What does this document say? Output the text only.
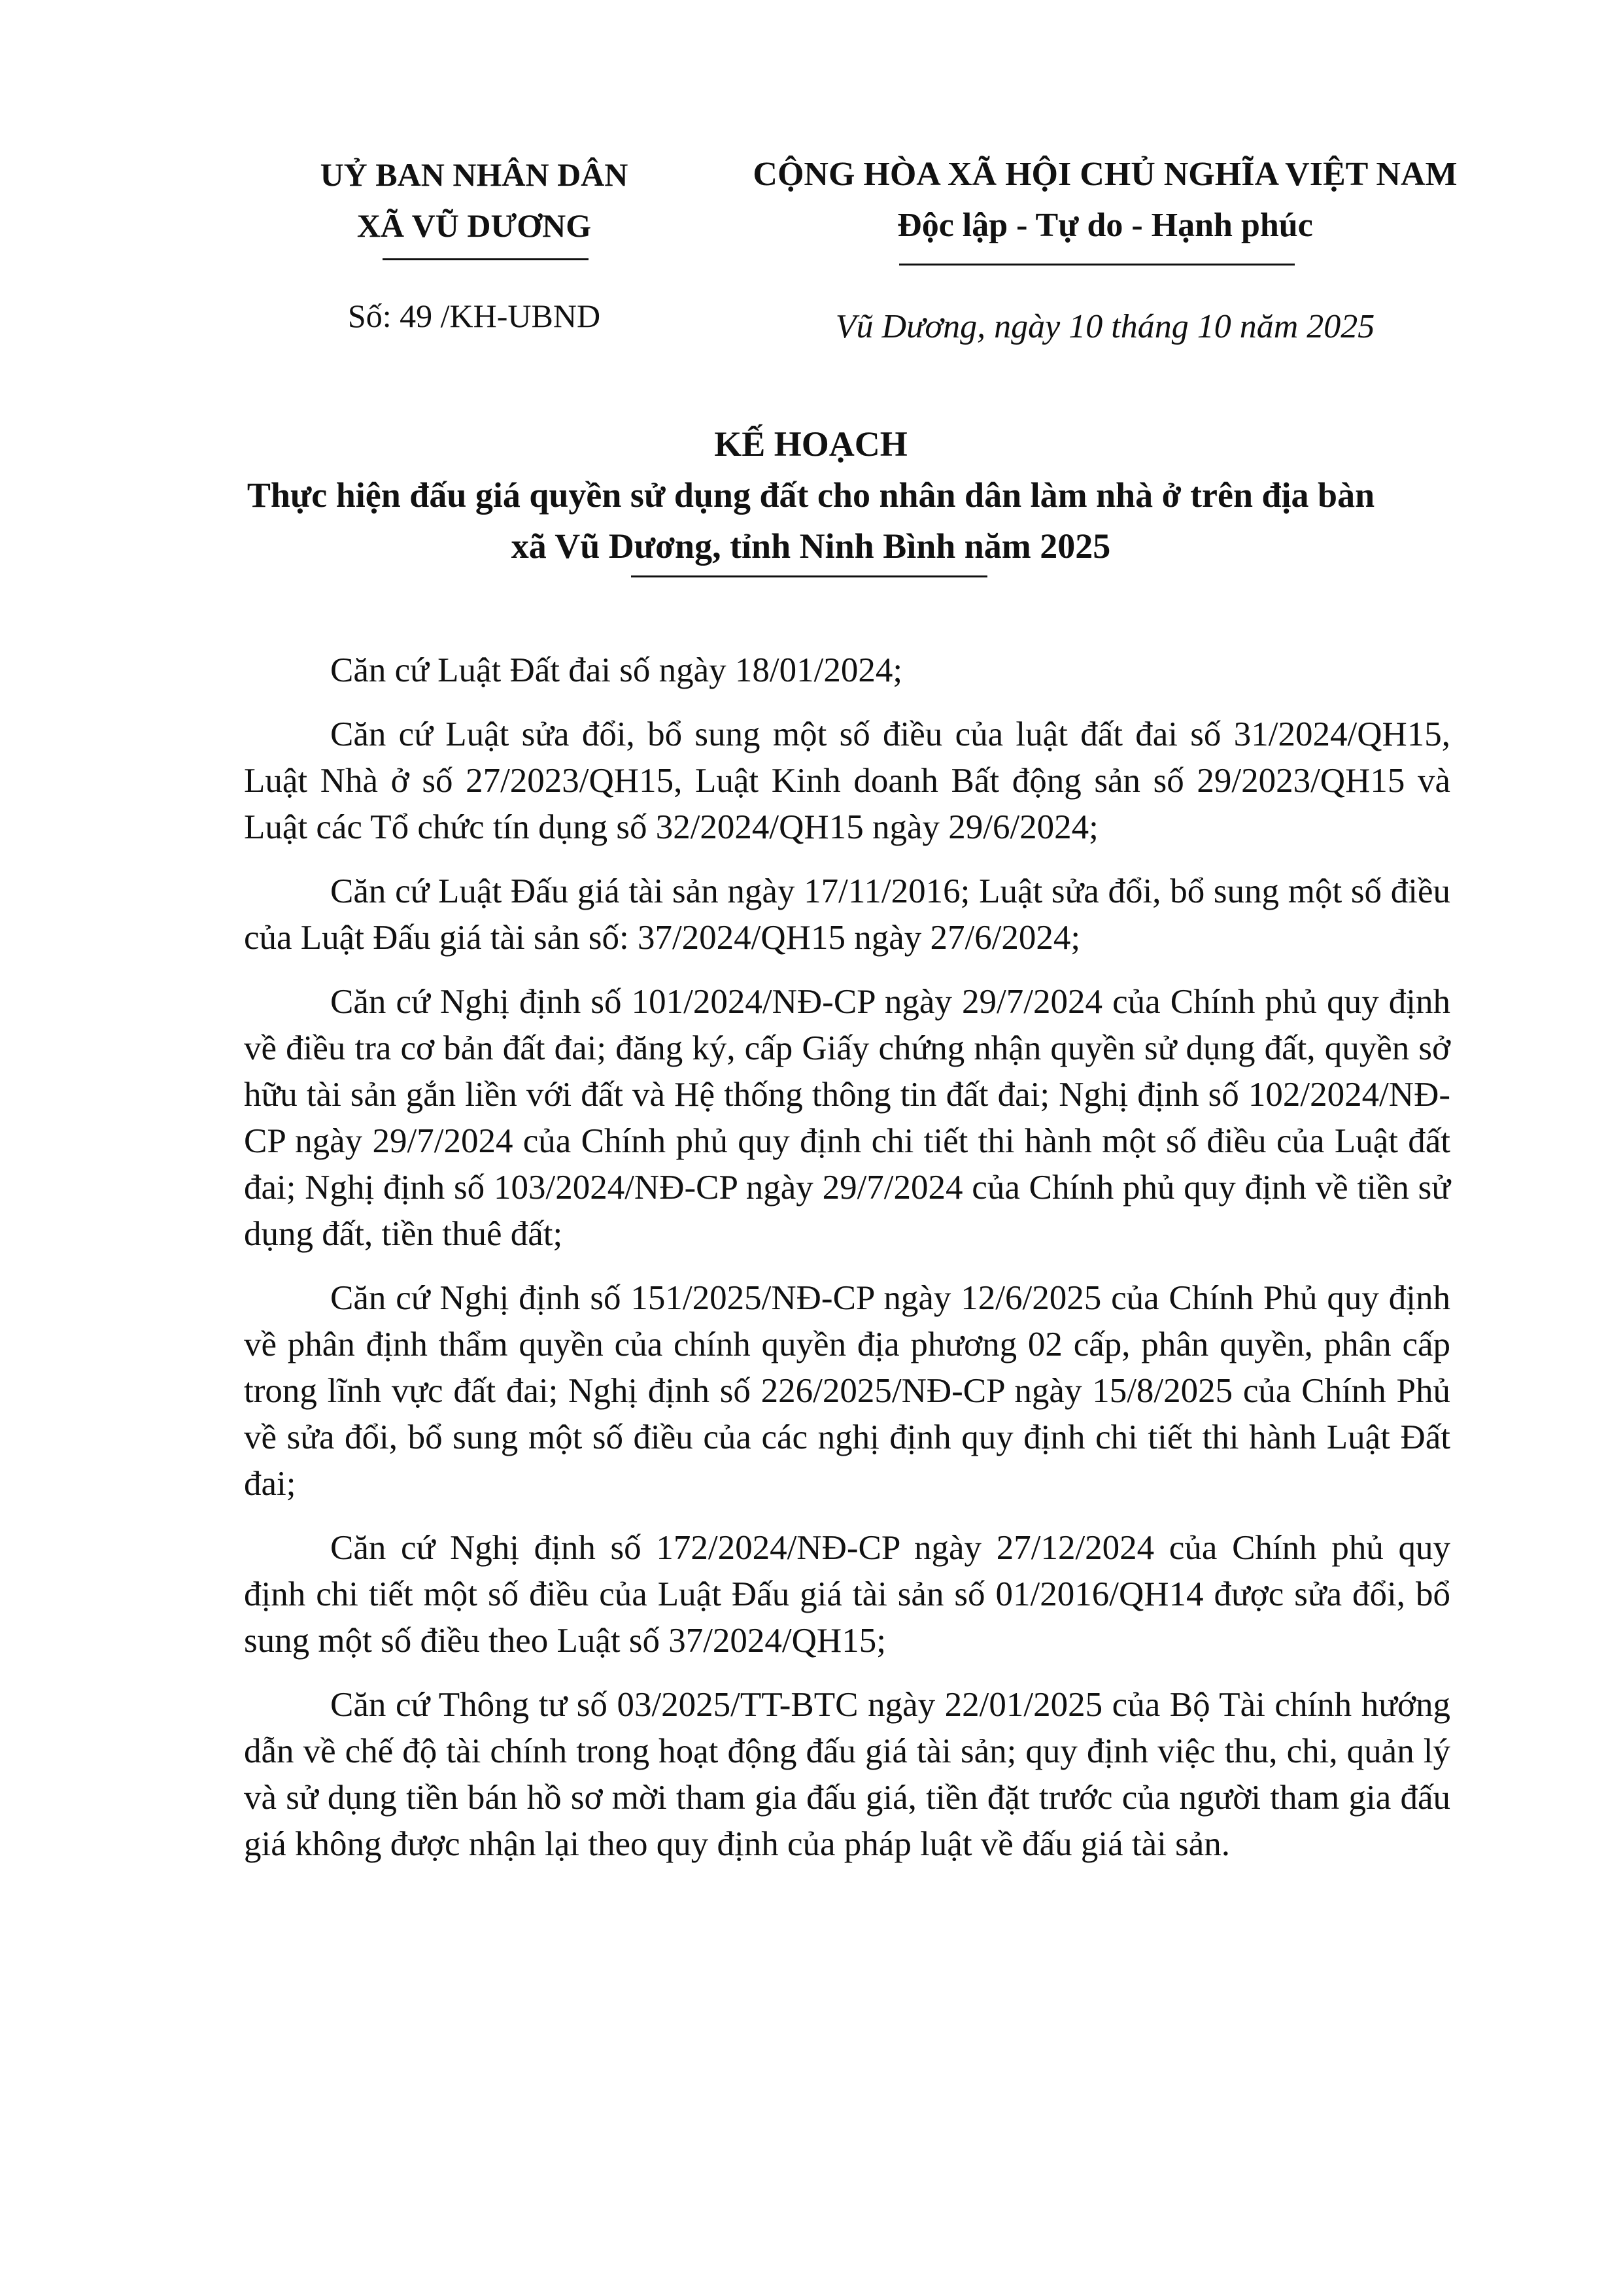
UỶ BAN NHÂN DÂN
XÃ VŨ DƯƠNG
CỘNG HÒA XÃ HỘI CHỦ NGHĨA VIỆT NAM
Độc lập - Tự do - Hạnh phúc
Số: 49 /KH-UBND	Vũ Dương, ngày 10 tháng 10 năm 2025
KẾ HOẠCH
Thực hiện đấu giá quyền sử dụng đất cho nhân dân làm nhà ở trên địa bàn
xã Vũ Dương, tỉnh Ninh Bình năm 2025

Căn cứ Luật Đất đai số ngày 18/01/2024;

Căn cứ Luật sửa đổi, bổ sung một số điều của luật đất đai số 31/2024/QH15, Luật Nhà ở số 27/2023/QH15, Luật Kinh doanh Bất động sản số 29/2023/QH15 và Luật các Tổ chức tín dụng số 32/2024/QH15 ngày 29/6/2024;

Căn cứ Luật Đấu giá tài sản ngày 17/11/2016; Luật sửa đổi, bổ sung một số điều của Luật Đấu giá tài sản số: 37/2024/QH15 ngày 27/6/2024;

Căn cứ Nghị định số 101/2024/NĐ-CP ngày 29/7/2024 của Chính phủ quy định về điều tra cơ bản đất đai; đăng ký, cấp Giấy chứng nhận quyền sử dụng đất, quyền sở hữu tài sản gắn liền với đất và Hệ thống thông tin đất đai; Nghị định số 102/2024/NĐ-CP ngày 29/7/2024 của Chính phủ quy định chi tiết thi hành một số điều của Luật đất đai; Nghị định số 103/2024/NĐ-CP ngày 29/7/2024 của Chính phủ quy định về tiền sử dụng đất, tiền thuê đất;

Căn cứ Nghị định số 151/2025/NĐ-CP ngày 12/6/2025 của Chính Phủ quy định về phân định thẩm quyền của chính quyền địa phương 02 cấp, phân quyền, phân cấp trong lĩnh vực đất đai; Nghị định số 226/2025/NĐ-CP ngày 15/8/2025 của Chính Phủ về sửa đổi, bổ sung một số điều của các nghị định quy định chi tiết thi hành Luật Đất đai;

Căn cứ Nghị định số 172/2024/NĐ-CP ngày 27/12/2024 của Chính phủ quy định chi tiết một số điều của Luật Đấu giá tài sản số 01/2016/QH14 được sửa đổi, bổ sung một số điều theo Luật số 37/2024/QH15;

Căn cứ Thông tư số 03/2025/TT-BTC ngày 22/01/2025 của Bộ Tài chính hướng dẫn về chế độ tài chính trong hoạt động đấu giá tài sản; quy định việc thu, chi, quản lý và sử dụng tiền bán hồ sơ mời tham gia đấu giá, tiền đặt trước của người tham gia đấu giá không được nhận lại theo quy định của pháp luật về đấu giá tài sản.
